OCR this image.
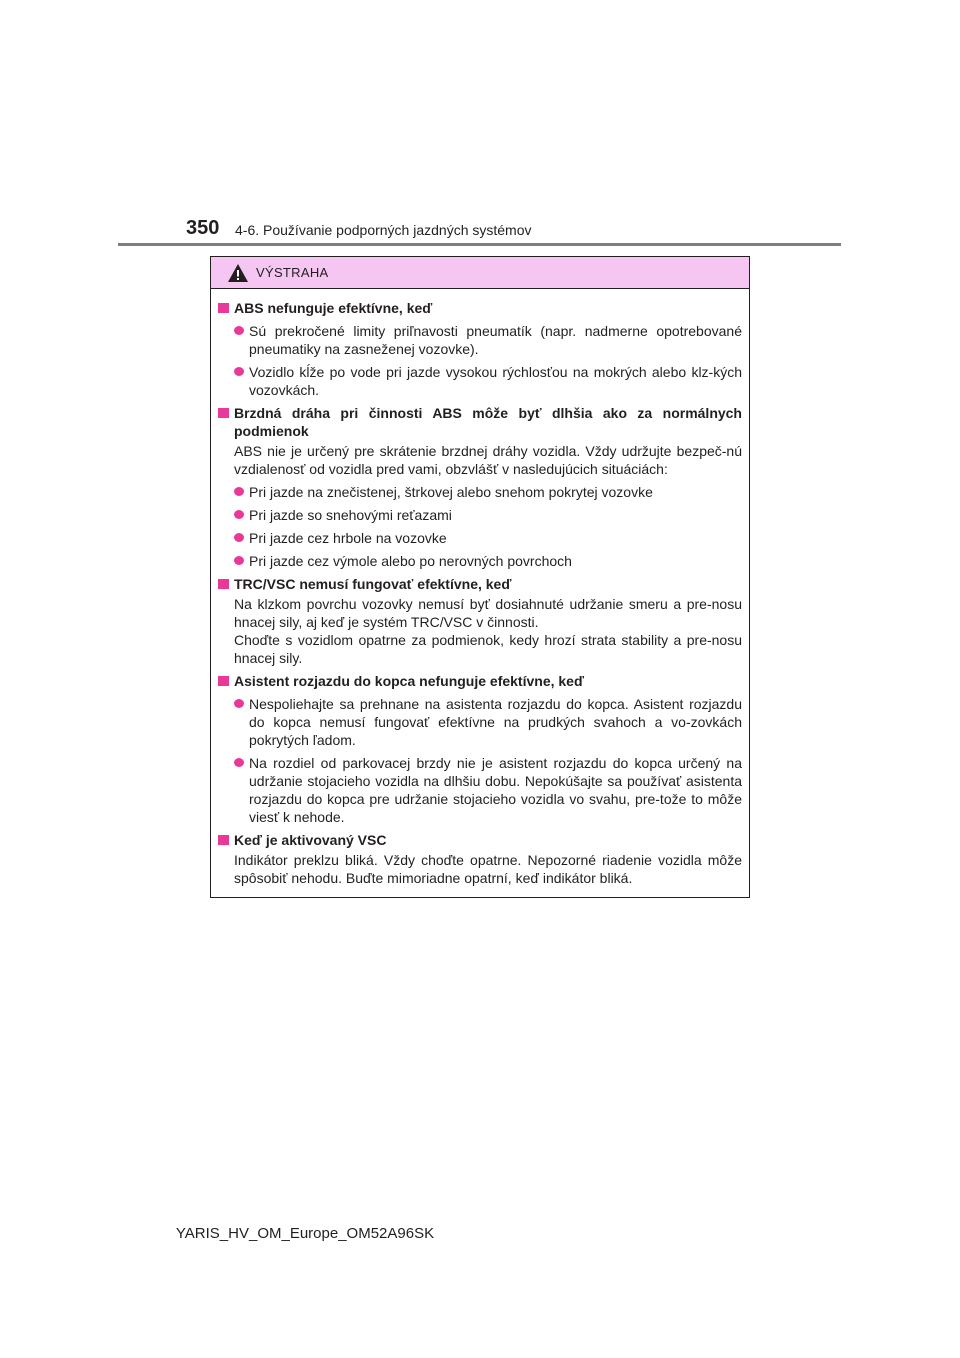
350 4-6. Používanie podporných jazdných systémov
VÝSTRAHA
ABS nefunguje efektívne, keď
Sú prekročené limity priľnavosti pneumatík (napr. nadmerne opotrebované pneumatiky na zasneženej vozovke).
Vozidlo kĺže po vode pri jazde vysokou rýchlosťou na mokrých alebo klz-kých vozovkách.
Brzdná dráha pri činnosti ABS môže byť dlhšia ako za normálnych podmienok
ABS nie je určený pre skrátenie brzdnej dráhy vozidla. Vždy udržujte bezpeč-nú vzdialenosť od vozidla pred vami, obzvlášť v nasledujúcich situáciách:
Pri jazde na znečistenej, štrkovej alebo snehom pokrytej vozovke
Pri jazde so snehovými reťazami
Pri jazde cez hrbole na vozovke
Pri jazde cez výmole alebo po nerovných povrchoch
TRC/VSC nemusí fungovať efektívne, keď
Na klzkom povrchu vozovky nemusí byť dosiahnuté udržanie smeru a pre-nosu hnacej sily, aj keď je systém TRC/VSC v činnosti.
Choďte s vozidlom opatrne za podmienok, kedy hrozí strata stability a pre-nosu hnacej sily.
Asistent rozjazdu do kopca nefunguje efektívne, keď
Nespoliehajte sa prehnane na asistenta rozjazdu do kopca. Asistent rozjazdu do kopca nemusí fungovať efektívne na prudkých svahoch a vo-zovkách pokrytých ľadom.
Na rozdiel od parkovacej brzdy nie je asistent rozjazdu do kopca určený na udržanie stojacieho vozidla na dlhšiu dobu. Nepokúšajte sa používať asistenta rozjazdu do kopca pre udržanie stojacieho vozidla vo svahu, pre-tože to môže viesť k nehode.
Keď je aktivovaný VSC
Indikátor preklzu bliká. Vždy choďte opatrne. Nepozorné riadenie vozidla môže spôsobiť nehodu. Buďte mimoriadne opatrní, keď indikátor bliká.
YARIS_HV_OM_Europe_OM52A96SK
